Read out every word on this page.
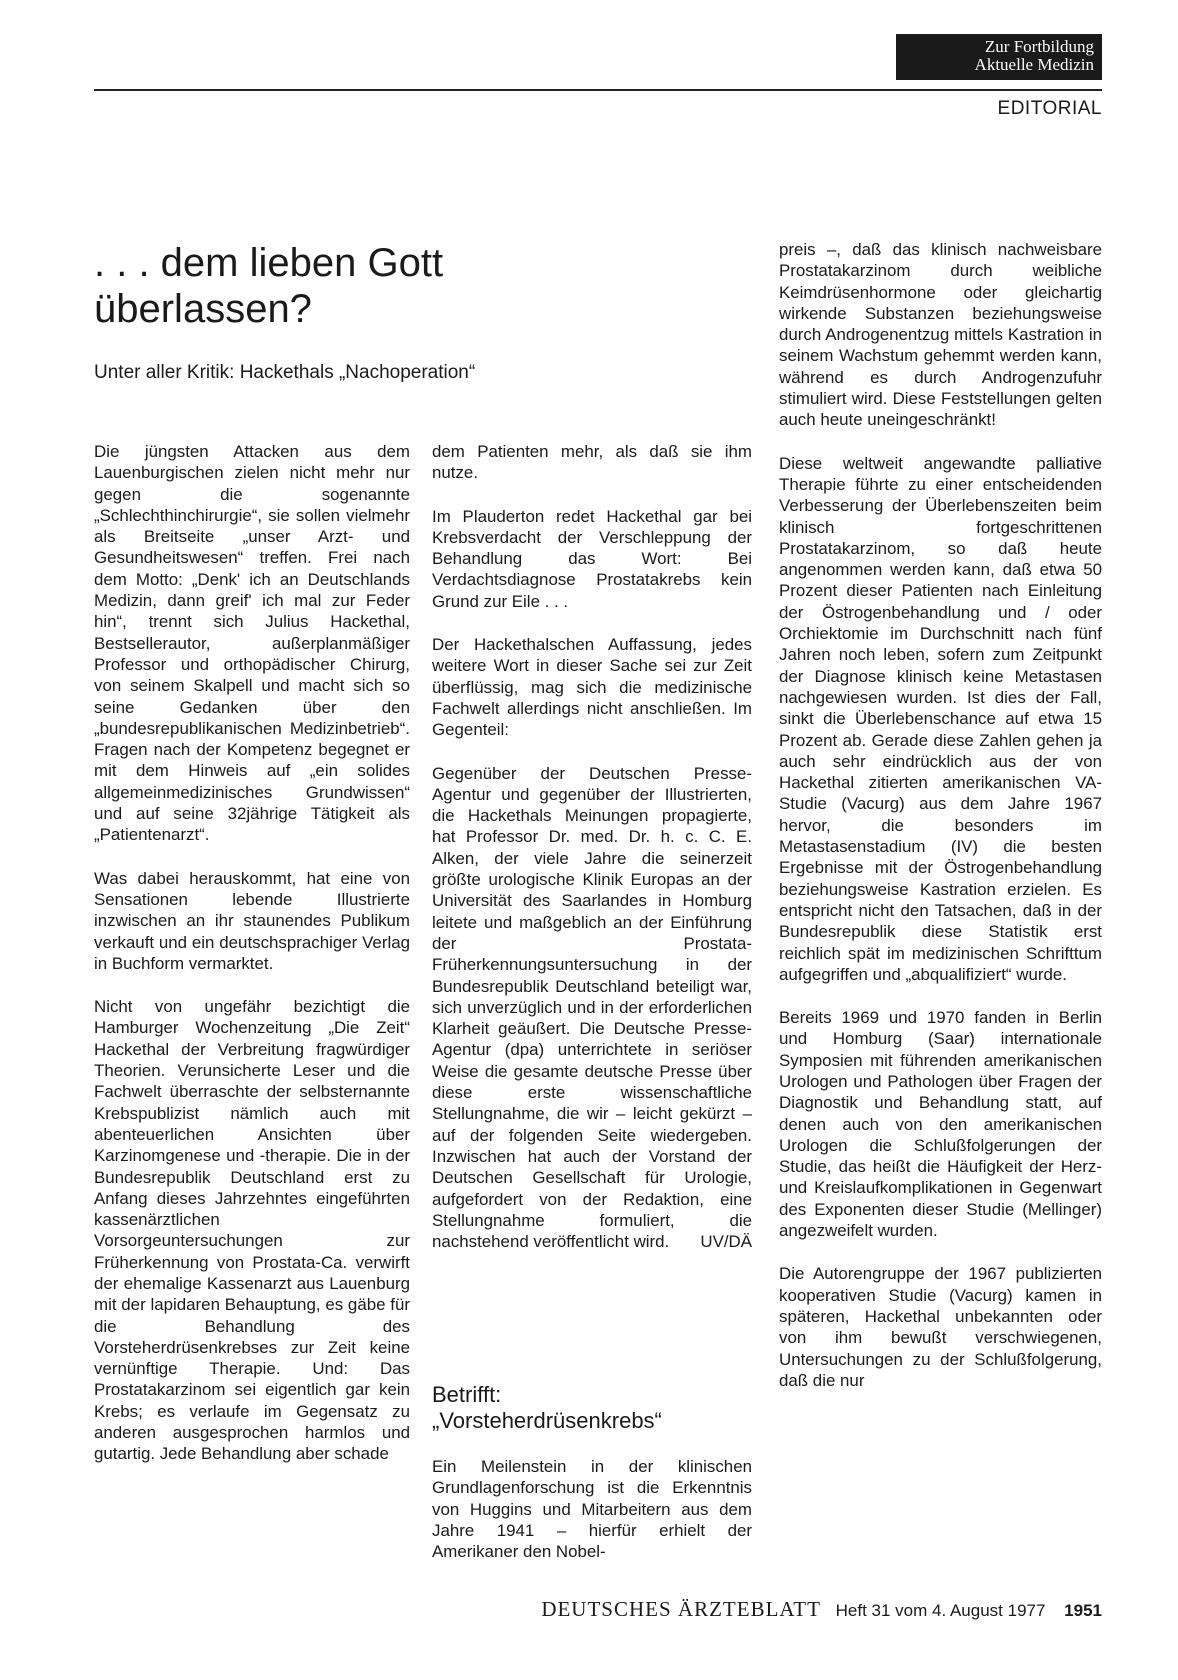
Zur Fortbildung
Aktuelle Medizin
EDITORIAL
. . . dem lieben Gott
überlassen?
Unter aller Kritik: Hackethals „Nachoperation“

Die jüngsten Attacken aus dem Lauenburgischen zielen nicht mehr nur gegen die sogenannte „Schlechthinchirurgie“, sie sollen vielmehr als Breitseite „unser Arzt- und Gesundheitswesen“ treffen. Frei nach dem Motto: „Denk' ich an Deutschlands Medizin, dann greif' ich mal zur Feder hin“, trennt sich Julius Hackethal, Bestsellerautor, außerplanmäßiger Professor und orthopädischer Chirurg, von seinem Skalpell und macht sich so seine Gedanken über den „bundesrepublikanischen Medizinbetrieb“. Fragen nach der Kompetenz begegnet er mit dem Hinweis auf „ein solides allgemeinmedizinisches Grundwissen“ und auf seine 32jährige Tätigkeit als „Patientenarzt“.

Was dabei herauskommt, hat eine von Sensationen lebende Illustrierte inzwischen an ihr staunendes Publikum verkauft und ein deutschsprachiger Verlag in Buchform vermarktet.

Nicht von ungefähr bezichtigt die Hamburger Wochenzeitung „Die Zeit“ Hackethal der Verbreitung fragwürdiger Theorien. Verunsicherte Leser und die Fachwelt überraschte der selbsternannte Krebspublizist nämlich auch mit abenteuerlichen Ansichten über Karzinomgenese und -therapie. Die in der Bundesrepublik Deutschland erst zu Anfang dieses Jahrzehntes eingeführten kassenärztlichen Vorsorgeuntersuchungen zur Früherkennung von Prostata-Ca. verwirft der ehemalige Kassenarzt aus Lauenburg mit der lapidaren Behauptung, es gäbe für die Behandlung des Vorsteherdrüsenkrebses zur Zeit keine vernünftige Therapie. Und: Das Prostatakarzinom sei eigentlich gar kein Krebs; es verlaufe im Gegensatz zu anderen ausgesprochen harmlos und gutartig. Jede Behandlung aber schade

dem Patienten mehr, als daß sie ihm nutze.

Im Plauderton redet Hackethal gar bei Krebsverdacht der Verschleppung der Behandlung das Wort: Bei Verdachtsdiagnose Prostatakrebs kein Grund zur Eile . . .

Der Hackethalschen Auffassung, jedes weitere Wort in dieser Sache sei zur Zeit überflüssig, mag sich die medizinische Fachwelt allerdings nicht anschließen. Im Gegenteil:

Gegenüber der Deutschen Presse-Agentur und gegenüber der Illustrierten, die Hackethals Meinungen propagierte, hat Professor Dr. med. Dr. h. c. C. E. Alken, der viele Jahre die seinerzeit größte urologische Klinik Europas an der Universität des Saarlandes in Homburg leitete und maßgeblich an der Einführung der Prostata-Früherkennungsuntersuchung in der Bundesrepublik Deutschland beteiligt war, sich unverzüglich und in der erforderlichen Klarheit geäußert. Die Deutsche Presse-Agentur (dpa) unterrichtete in seriöser Weise die gesamte deutsche Presse über diese erste wissenschaftliche Stellungnahme, die wir – leicht gekürzt – auf der folgenden Seite wiedergeben. Inzwischen hat auch der Vorstand der Deutschen Gesellschaft für Urologie, aufgefordert von der Redaktion, eine Stellungnahme formuliert, die nachstehend veröffentlicht wird. UV/DÄ

Betrifft:
„Vorsteherdrüsenkrebs“

Ein Meilenstein in der klinischen Grundlagenforschung ist die Erkenntnis von Huggins und Mitarbeitern aus dem Jahre 1941 – hierfür erhielt der Amerikaner den Nobel-

preis –, daß das klinisch nachweisbare Prostatakarzinom durch weibliche Keimdrüsenhormone oder gleichartig wirkende Substanzen beziehungsweise durch Androgenentzug mittels Kastration in seinem Wachstum gehemmt werden kann, während es durch Androgenzufuhr stimuliert wird. Diese Feststellungen gelten auch heute uneingeschränkt!

Diese weltweit angewandte palliative Therapie führte zu einer entscheidenden Verbesserung der Überlebenszeiten beim klinisch fortgeschrittenen Prostatakarzinom, so daß heute angenommen werden kann, daß etwa 50 Prozent dieser Patienten nach Einleitung der Östrogenbehandlung und / oder Orchiektomie im Durchschnitt nach fünf Jahren noch leben, sofern zum Zeitpunkt der Diagnose klinisch keine Metastasen nachgewiesen wurden. Ist dies der Fall, sinkt die Überlebenschance auf etwa 15 Prozent ab. Gerade diese Zahlen gehen ja auch sehr eindrücklich aus der von Hackethal zitierten amerikanischen VA-Studie (Vacurg) aus dem Jahre 1967 hervor, die besonders im Metastasenstadium (IV) die besten Ergebnisse mit der Östrogenbehandlung beziehungsweise Kastration erzielen. Es entspricht nicht den Tatsachen, daß in der Bundesrepublik diese Statistik erst reichlich spät im medizinischen Schrifttum aufgegriffen und „abqualifiziert“ wurde.

Bereits 1969 und 1970 fanden in Berlin und Homburg (Saar) internationale Symposien mit führenden amerikanischen Urologen und Pathologen über Fragen der Diagnostik und Behandlung statt, auf denen auch von den amerikanischen Urologen die Schlußfolgerungen der Studie, das heißt die Häufigkeit der Herz- und Kreislaufkomplikationen in Gegenwart des Exponenten dieser Studie (Mellinger) angezweifelt wurden.

Die Autorengruppe der 1967 publizierten kooperativen Studie (Vacurg) kamen in späteren, Hackethal unbekannten oder von ihm bewußt verschwiegenen, Untersuchungen zu der Schlußfolgerung, daß die nur

DEUTSCHES ÄRZTEBLATT Heft 31 vom 4. August 1977 1951
